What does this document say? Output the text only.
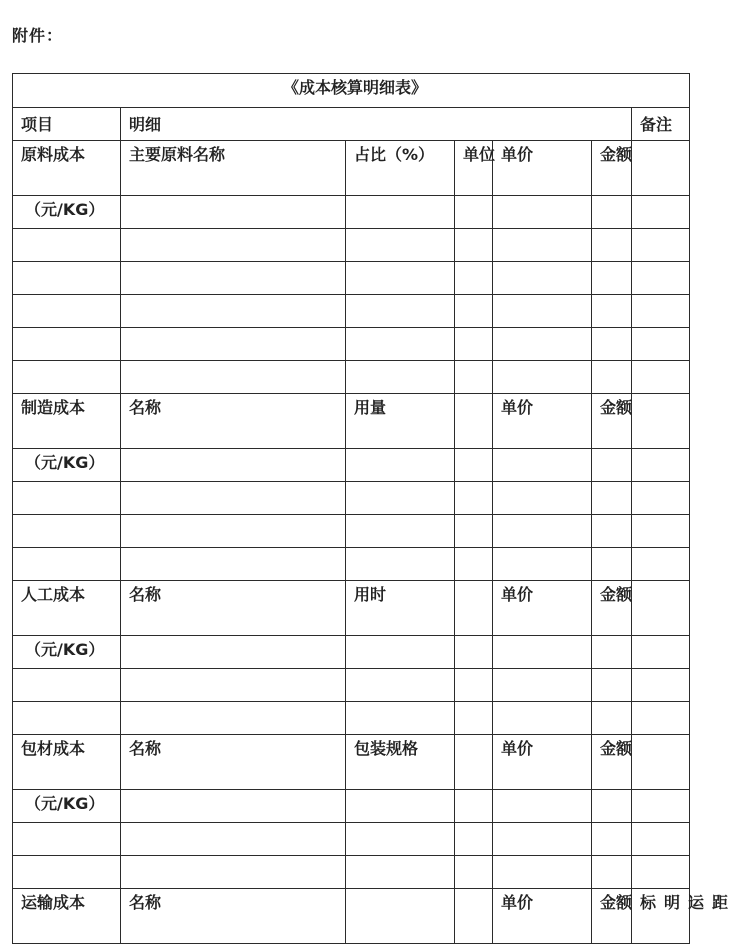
附件：
《成本核算明细表》						
项目	明细					备注
原料成本	主要原料名称	占比（%）	单位	单价	金额	
（元/KG）						

制造成本	名称	用量		单价	金额	
（元/KG）						

人工成本	名称	用时		单价	金额	
（元/KG）						

包材成本	名称	包装规格		单价	金额	
（元/KG）						

运输成本	名称			单价	金额	标明运距
